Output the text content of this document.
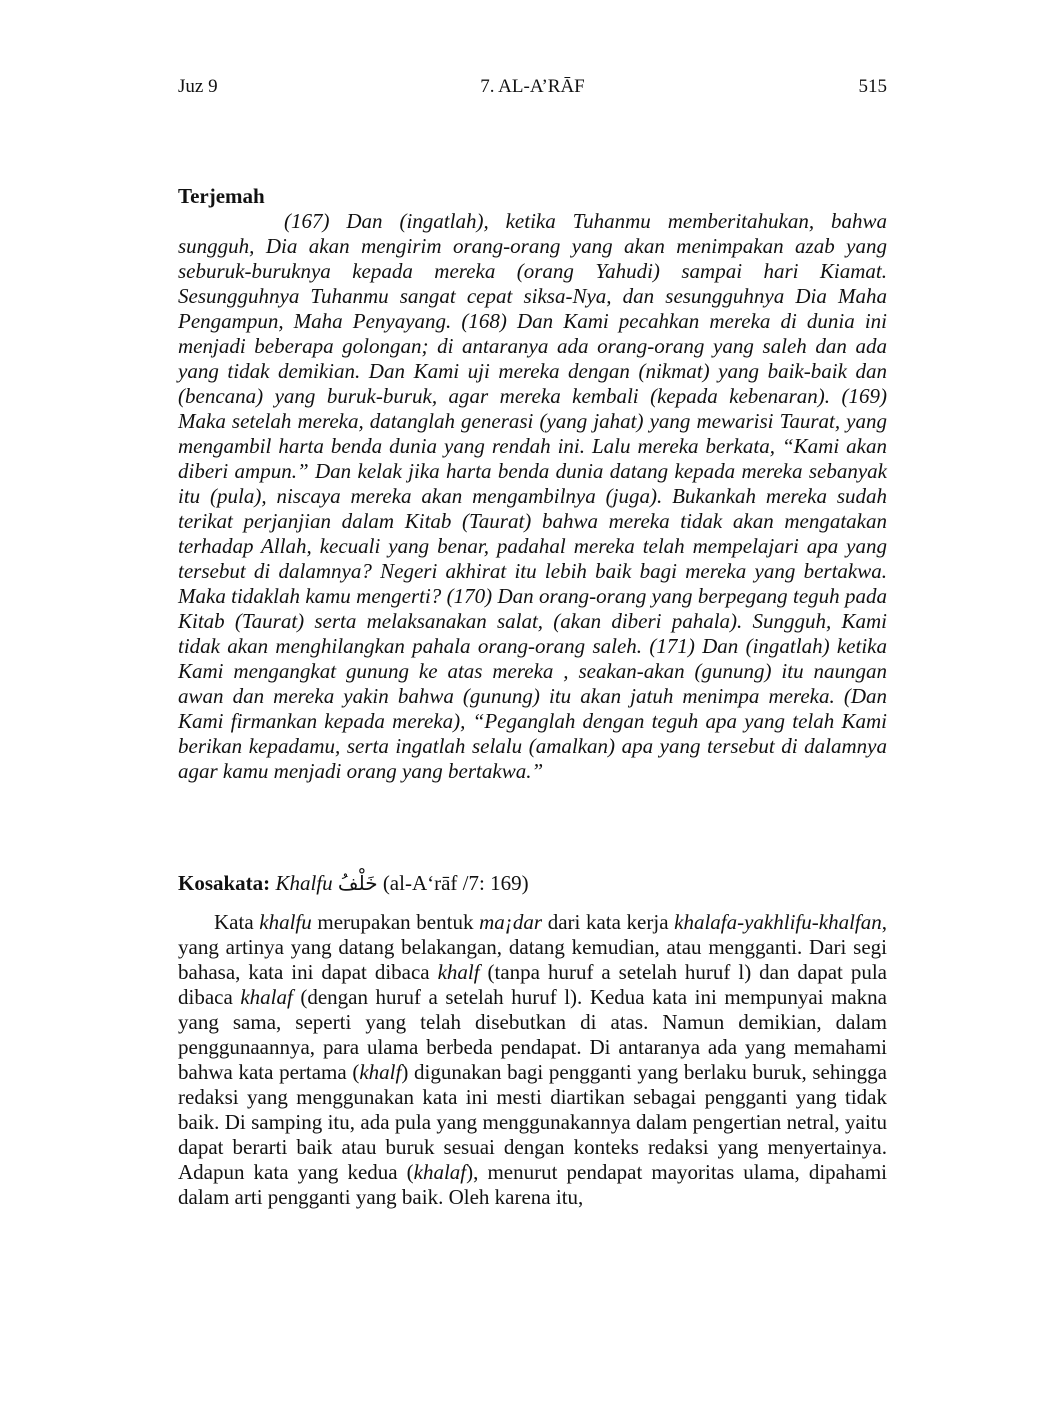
Juz 9	7. AL-A’RĀF	515
Terjemah

(167) Dan (ingatlah), ketika Tuhanmu memberitahukan, bahwa sungguh, Dia akan mengirim orang-orang yang akan menimpakan azab yang seburuk-buruknya kepada mereka (orang Yahudi) sampai hari Kiamat. Sesungguhnya Tuhanmu sangat cepat siksa-Nya, dan sesungguhnya Dia Maha Pengampun, Maha Penyayang. (168) Dan Kami pecahkan mereka di dunia ini menjadi beberapa golongan; di antaranya ada orang-orang yang saleh dan ada yang tidak demikian. Dan Kami uji mereka dengan (nikmat) yang baik-baik dan (bencana) yang buruk-buruk, agar mereka kembali (kepada kebenaran). (169) Maka setelah mereka, datanglah generasi (yang jahat) yang mewarisi Taurat, yang mengambil harta benda dunia yang rendah ini. Lalu mereka berkata, “Kami akan diberi ampun.” Dan kelak jika harta benda dunia datang kepada mereka sebanyak itu (pula), niscaya mereka akan mengambilnya (juga). Bukankah mereka sudah terikat perjanjian dalam Kitab (Taurat) bahwa mereka tidak akan mengatakan terhadap Allah, kecuali yang benar, padahal mereka telah mempelajari apa yang tersebut di dalamnya? Negeri akhirat itu lebih baik bagi mereka yang bertakwa. Maka tidaklah kamu mengerti? (170) Dan orang-orang yang berpegang teguh pada Kitab (Taurat) serta melaksanakan salat, (akan diberi pahala). Sungguh, Kami tidak akan menghilangkan pahala orang-orang saleh. (171) Dan (ingatlah) ketika Kami mengangkat gunung ke atas mereka , seakan-akan (gunung) itu naungan awan dan mereka yakin bahwa (gunung) itu akan jatuh menimpa mereka. (Dan Kami firmankan kepada mereka), “Peganglah dengan teguh apa yang telah Kami berikan kepadamu, serta ingatlah selalu (amalkan) apa yang tersebut di dalamnya agar kamu menjadi orang yang bertakwa.”

Kosakata: Khalfu خَلْفُ (al-A‘rāf /7: 169)

Kata khalfu merupakan bentuk ma¡dar dari kata kerja khalafa-yakhlifu-khalfan, yang artinya yang datang belakangan, datang kemudian, atau mengganti. Dari segi bahasa, kata ini dapat dibaca khalf (tanpa huruf a setelah huruf l) dan dapat pula dibaca khalaf (dengan huruf a setelah huruf l). Kedua kata ini mempunyai makna yang sama, seperti yang telah disebutkan di atas. Namun demikian, dalam penggunaannya, para ulama berbeda pendapat. Di antaranya ada yang memahami bahwa kata pertama (khalf) digunakan bagi pengganti yang berlaku buruk, sehingga redaksi yang menggunakan kata ini mesti diartikan sebagai pengganti yang tidak baik. Di samping itu, ada pula yang menggunakannya dalam pengertian netral, yaitu dapat berarti baik atau buruk sesuai dengan konteks redaksi yang menyertainya. Adapun kata yang kedua (khalaf), menurut pendapat mayoritas ulama, dipahami dalam arti pengganti yang baik. Oleh karena itu,
